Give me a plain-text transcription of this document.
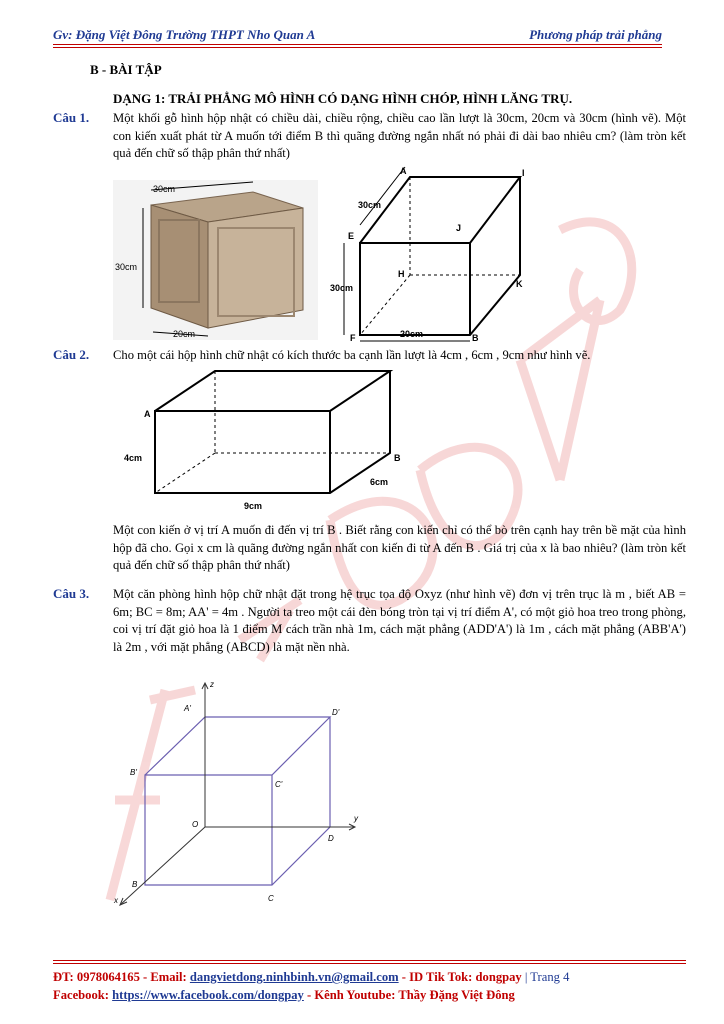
Gv: Đặng Việt Đông Trường THPT Nho Quan A	Phương pháp trải phẳng
B - BÀI TẬP
DẠNG 1: TRẢI PHẲNG MÔ HÌNH CÓ DẠNG HÌNH CHÓP, HÌNH LĂNG TRỤ.
Câu 1. Một khối gỗ hình hộp nhật có chiều dài, chiều rộng, chiều cao lần lượt là 30cm, 20cm và 30cm (hình vẽ). Một con kiến xuất phát từ A muốn tới điểm B thì quãng đường ngắn nhất nó phải đi dài bao nhiêu cm? (làm tròn kết quả đến chữ số thập phân thứ nhất)
30cm
30cm
20cm
A	I
30cm
E
J
H
K
30cm
F	20cm	B
Câu 2. Cho một cái hộp hình chữ nhật có kích thước ba cạnh lần lượt là 4cm , 6cm , 9cm như hình vẽ.
A
4cm	B
6cm
9cm
Một con kiến ở vị trí A muốn đi đến vị trí B . Biết rằng con kiến chỉ có thể bò trên cạnh hay trên bề mặt của hình hộp đã cho. Gọi x cm là quãng đường ngắn nhất con kiến đi từ A đến B . Giá trị của x là bao nhiêu? (làm tròn kết quả đến chữ số thập phân thứ nhất)
Câu 3. Một căn phòng hình hộp chữ nhật đặt trong hệ trục tọa độ Oxyz (như hình vẽ) đơn vị trên trục là m , biết AB = 6m; BC = 8m; AA' = 4m . Người ta treo một cái đèn bóng tròn tại vị trí điểm A', có một giỏ hoa treo trong phòng, coi vị trí đặt giỏ hoa là 1 điểm M cách trần nhà 1m, cách mặt phẳng (ADD'A') là 1m , cách mặt phẳng (ABB'A') là 2m , với mặt phẳng (ABCD) là mặt nền nhà.
z
A'	D'
B'
C'
O
y
D
B
x	C
ĐT: 0978064165 - Email: dangvietdong.ninhbinh.vn@gmail.com - ID Tik Tok: dongpay | Trang 4
Facebook: https://www.facebook.com/dongpay - Kênh Youtube: Thầy Đặng Việt Đông
